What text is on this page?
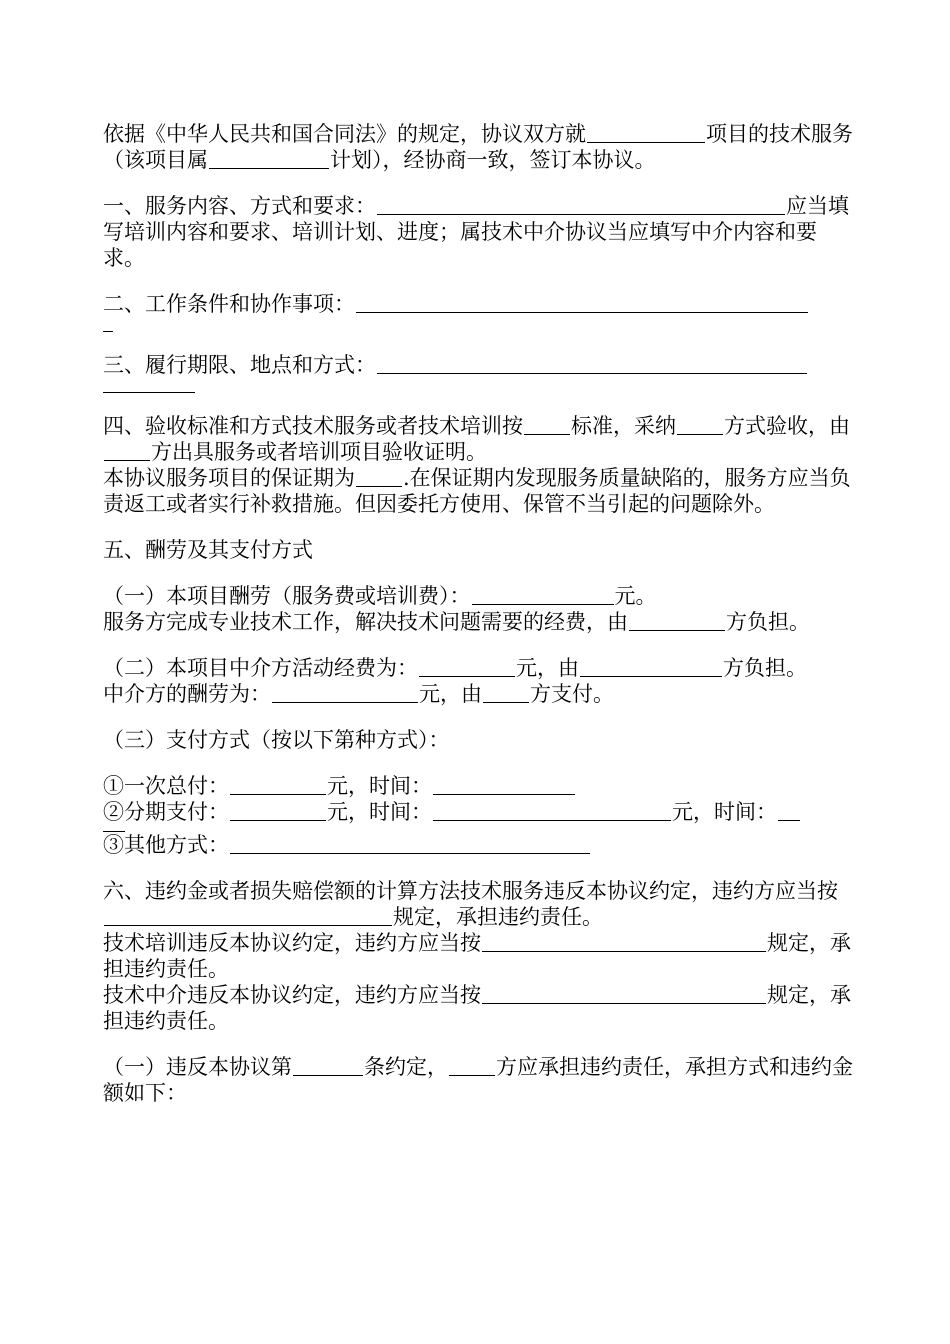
依据《中华人民共和国合同法》的规定，协议双方就	项目的技术服务（该项目属	计划），经协商一致，签订本协议。

一、服务内容、方式和要求：	应当填写培训内容和要求、培训计划、进度；属技术中介协议当应填写中介内容和要求。

二、工作条件和协作事项：

三、履行期限、地点和方式：

四、验收标准和方式技术服务或者技术培训按 标准，采纳 方式验收，由方出具服务或者培训项目验收证明。

本协议服务项目的保证期为 .在保证期内发现服务质量缺陷的，服务方应当负责返工或者实行补救措施。但因委托方使用、保管不当引起的问题除外。

五、酬劳及其支付方式

（一）本项目酬劳（服务费或培训费）：	元。

服务方完成专业技术工作，解决技术问题需要的经费，由	方负担。

（二）本项目中介方活动经费为：	元，由	方负担。

中介方的酬劳为：	元，由 方支付。

（三）支付方式（按以下第种方式）：

①一次总付：	元，时间：

②分期支付：	元，时间：	元，时间：

③其他方式：

六、违约金或者损失赔偿额的计算方法技术服务违反本协议约定，违约方应当按规定，承担违约责任。

技术培训违反本协议约定，违约方应当按	规定，承担违约责任。

技术中介违反本协议约定，违约方应当按	规定，承担违约责任。

（一）违反本协议第	条约定， 方应承担违约责任，承担方式和违约金额如下：
